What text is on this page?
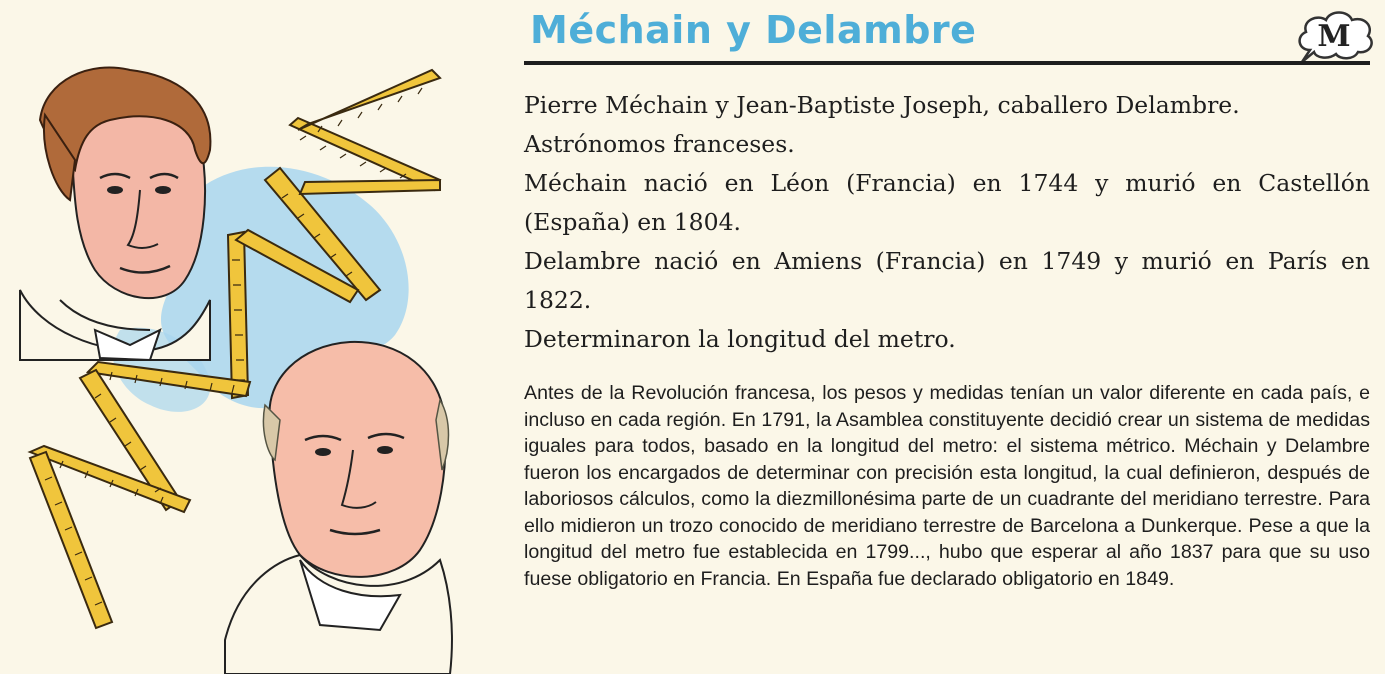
Méchain y Delambre	M
Pierre Méchain y Jean-Baptiste Joseph, caballero Delambre.
Astrónomos franceses.
Méchain nació en Léon (Francia) en 1744 y murió en Castellón (España) en 1804.
Delambre nació en Amiens (Francia) en 1749 y murió en París en 1822.
Determinaron la longitud del metro.

Antes de la Revolución francesa, los pesos y medidas tenían un valor diferente en cada país, e incluso en cada región. En 1791, la Asamblea constituyente decidió crear un sistema de medidas iguales para todos, basado en la longitud del metro: el sistema métrico. Méchain y Delambre fueron los encargados de determinar con precisión esta longitud, la cual definieron, después de laboriosos cálculos, como la diezmillonésima parte de un cuadrante del meridiano terrestre. Para ello midieron un trozo conocido de meridiano terrestre de Barcelona a Dunkerque. Pese a que la longitud del metro fue establecida en 1799..., hubo que esperar al año 1837 para que su uso fuese obligatorio en Francia. En España fue declarado obligatorio en 1849.
